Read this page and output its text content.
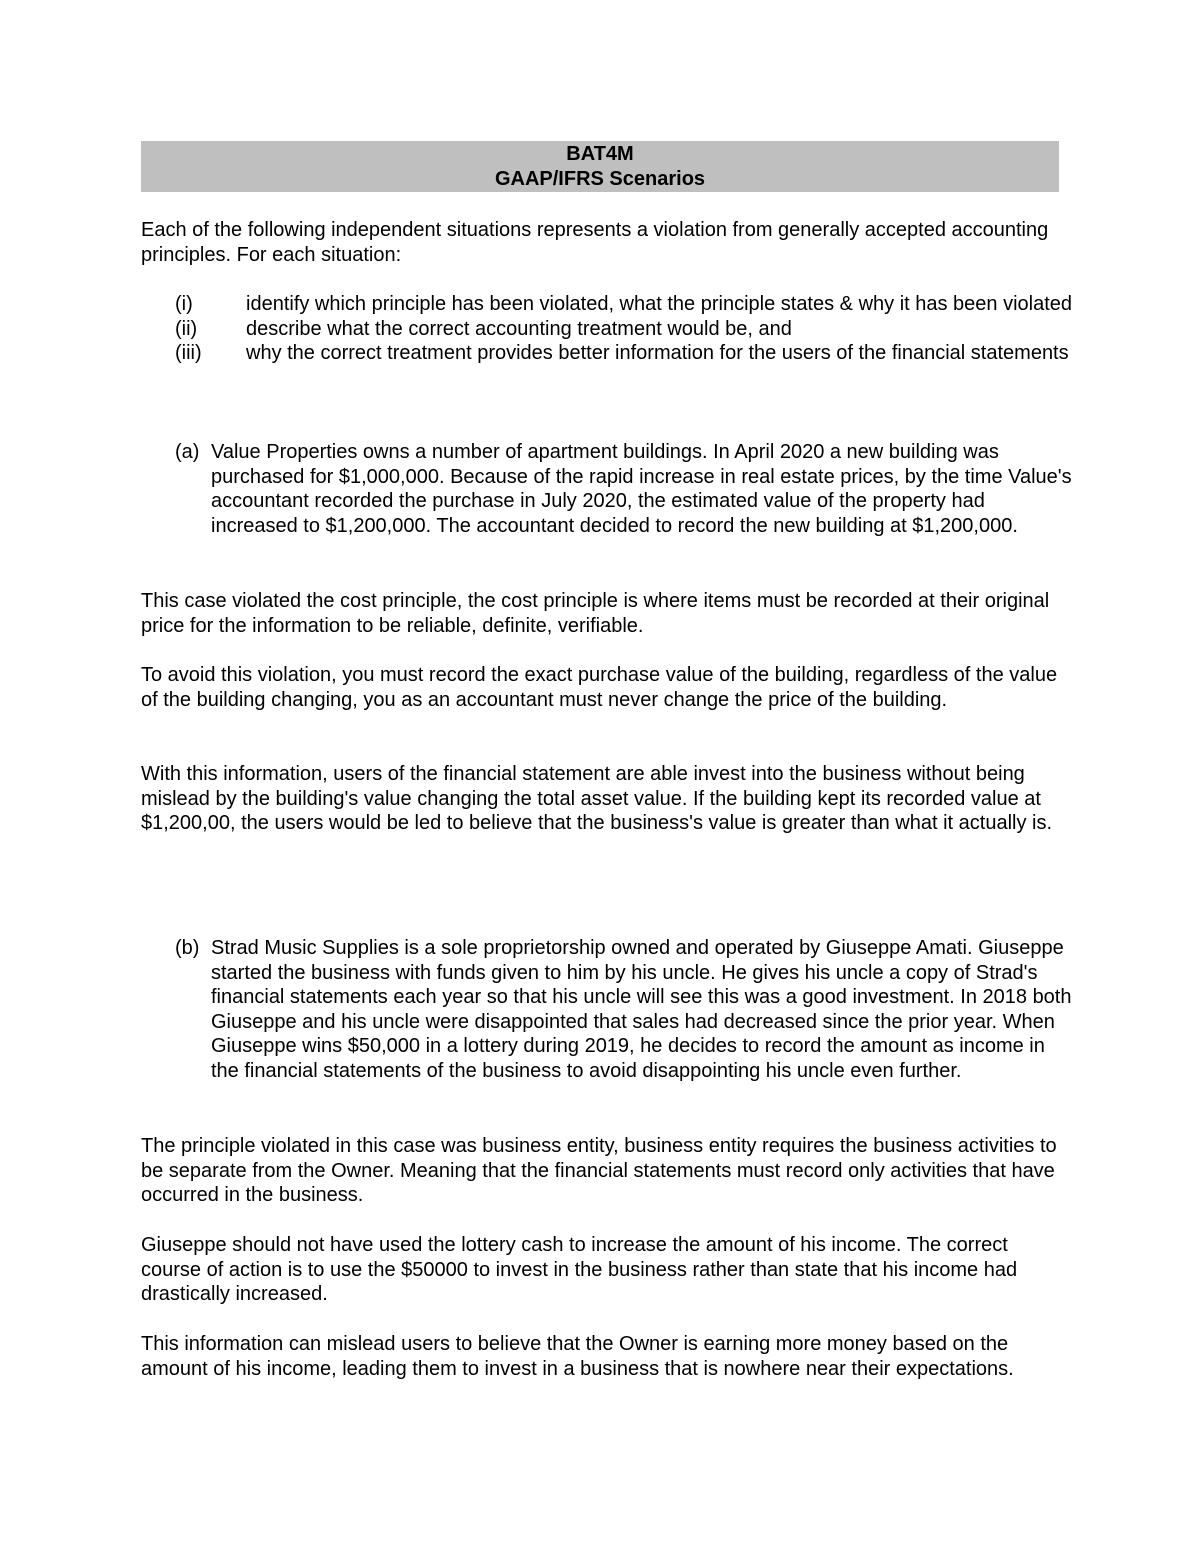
BAT4M
GAAP/IFRS Scenarios

Each of the following independent situations represents a violation from generally accepted accounting principles. For each situation:

(i)	identify which principle has been violated, what the principle states & why it has been violated
(ii)	describe what the correct accounting treatment would be, and
(iii)	why the correct treatment provides better information for the users of the financial statements
(a) Value Properties owns a number of apartment buildings. In April 2020 a new building was purchased for $1,000,000. Because of the rapid increase in real estate prices, by the time Value's accountant recorded the purchase in July 2020, the estimated value of the property had increased to $1,200,000. The accountant decided to record the new building at $1,200,000.

This case violated the cost principle, the cost principle is where items must be recorded at their original price for the information to be reliable, definite, verifiable.

To avoid this violation, you must record the exact purchase value of the building, regardless of the value of the building changing, you as an accountant must never change the price of the building.

With this information, users of the financial statement are able invest into the business without being mislead by the building's value changing the total asset value. If the building kept its recorded value at $1,200,00, the users would be led to believe that the business's value is greater than what it actually is.

(b) Strad Music Supplies is a sole proprietorship owned and operated by Giuseppe Amati. Giuseppe started the business with funds given to him by his uncle. He gives his uncle a copy of Strad's financial statements each year so that his uncle will see this was a good investment. In 2018 both Giuseppe and his uncle were disappointed that sales had decreased since the prior year. When Giuseppe wins $50,000 in a lottery during 2019, he decides to record the amount as income in the financial statements of the business to avoid disappointing his uncle even further.

The principle violated in this case was business entity, business entity requires the business activities to be separate from the Owner. Meaning that the financial statements must record only activities that have occurred in the business.

Giuseppe should not have used the lottery cash to increase the amount of his income. The correct course of action is to use the $50000 to invest in the business rather than state that his income had drastically increased.

This information can mislead users to believe that the Owner is earning more money based on the amount of his income, leading them to invest in a business that is nowhere near their expectations.
